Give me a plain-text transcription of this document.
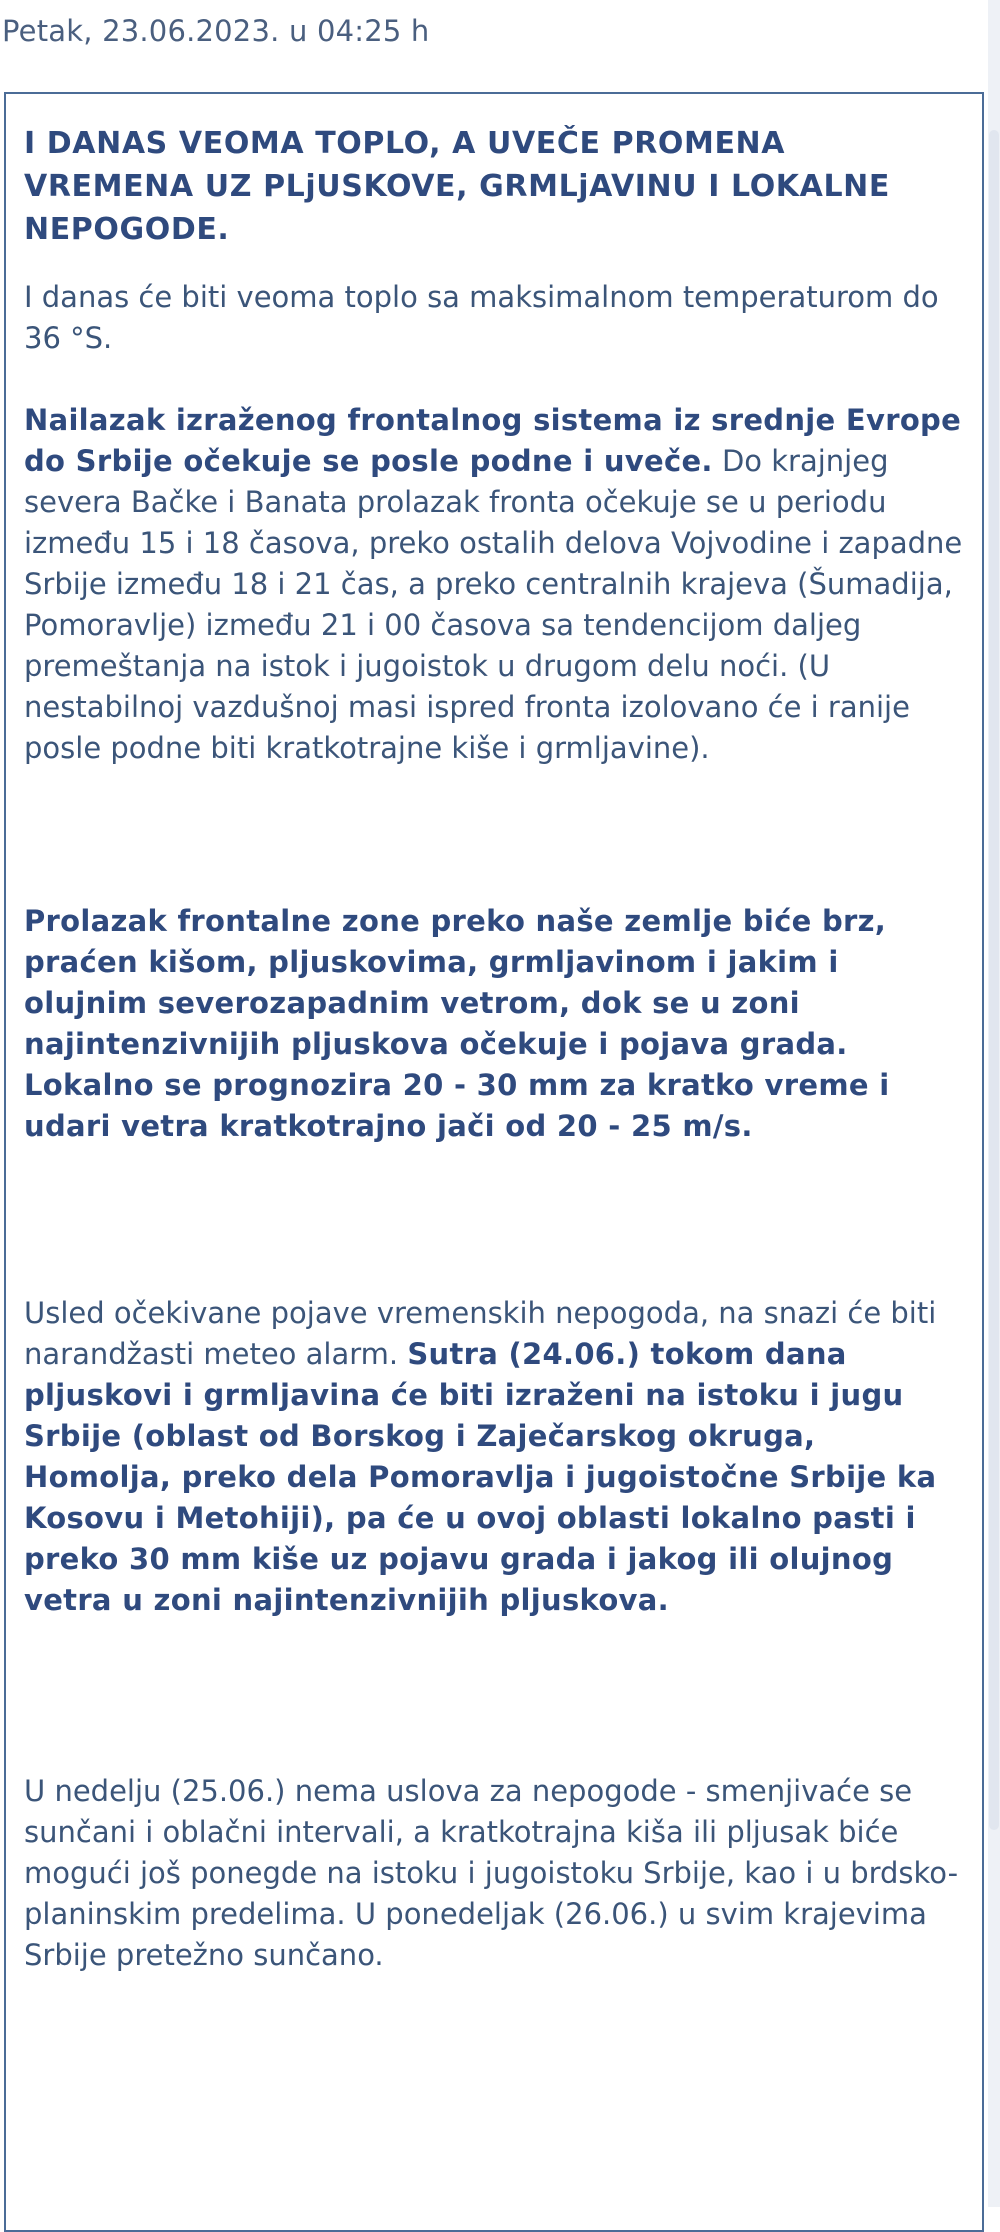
Petak, 23.06.2023. u 04:25 h
I DANAS VEOMA TOPLO, A UVEČE PROMENA VREMENA UZ PLjUSKOVE, GRMLjAVINU I LOKALNE NEPOGODE.

I danas će biti veoma toplo sa maksimalnom temperaturom do 36 °S.

Nailazak izraženog frontalnog sistema iz srednje Evrope do Srbije očekuje se posle podne i uveče. Do krajnjeg severa Bačke i Banata prolazak fronta očekuje se u periodu između 15 i 18 časova, preko ostalih delova Vojvodine i zapadne Srbije između 18 i 21 čas, a preko centralnih krajeva (Šumadija, Pomoravlje) između 21 i 00 časova sa tendencijom daljeg premeštanja na istok i jugoistok u drugom delu noći. (U nestabilnoj vazdušnoj masi ispred fronta izolovano će i ranije posle podne biti kratkotrajne kiše i grmljavine).

Prolazak frontalne zone preko naše zemlje biće brz, praćen kišom, pljuskovima, grmljavinom i jakim i olujnim severozapadnim vetrom, dok se u zoni najintenzivnijih pljuskova očekuje i pojava grada. Lokalno se prognozira 20 - 30 mm za kratko vreme i udari vetra kratkotrajno jači od 20 - 25 m/s.

Usled očekivane pojave vremenskih nepogoda, na snazi će biti narandžasti meteo alarm. Sutra (24.06.) tokom dana pljuskovi i grmljavina će biti izraženi na istoku i jugu Srbije (oblast od Borskog i Zaječarskog okruga, Homolja, preko dela Pomoravlja i jugoistočne Srbije ka Kosovu i Metohiji), pa će u ovoj oblasti lokalno pasti i preko 30 mm kiše uz pojavu grada i jakog ili olujnog vetra u zoni najintenzivnijih pljuskova.

U nedelju (25.06.) nema uslova za nepogode - smenjivaće se sunčani i oblačni intervali, a kratkotrajna kiša ili pljusak biće mogući još ponegde na istoku i jugoistoku Srbije, kao i u brdsko-planinskim predelima. U ponedeljak (26.06.) u svim krajevima Srbije pretežno sunčano.
